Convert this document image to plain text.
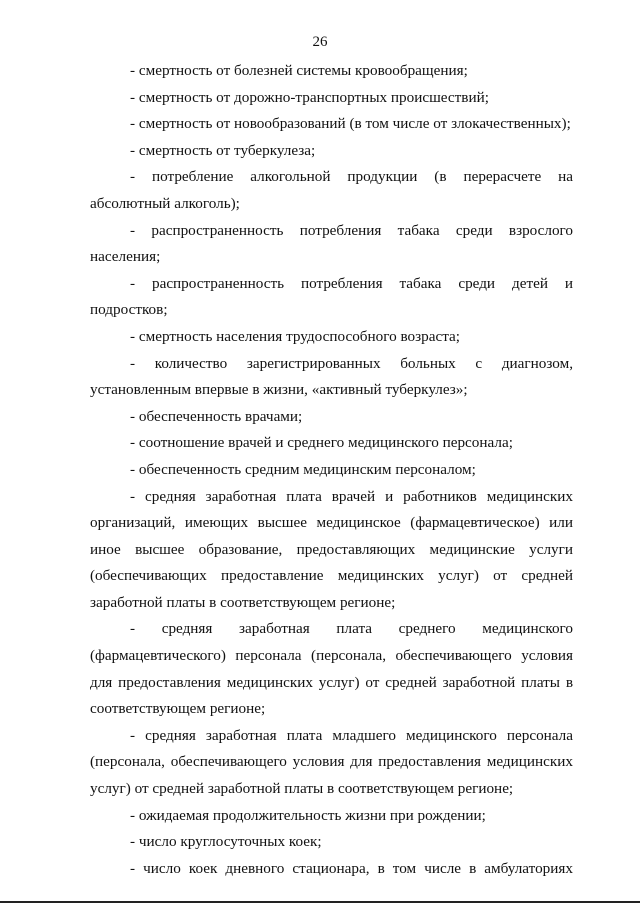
26

- смертность от болезней системы кровообращения;

- смертность от дорожно-транспортных происшествий;

- смертность от новообразований (в том числе от злокачественных);

- смертность от туберкулеза;

- потребление алкогольной продукции (в перерасчете на абсолютный алкоголь);

- распространенность потребления табака среди взрослого населения;

- распространенность потребления табака среди детей и подростков;

- смертность населения трудоспособного возраста;

- количество зарегистрированных больных с диагнозом, установленным впервые в жизни, «активный туберкулез»;

- обеспеченность врачами;

- соотношение врачей и среднего медицинского персонала;

- обеспеченность средним медицинским персоналом;

- средняя заработная плата врачей и работников медицинских организаций, имеющих высшее медицинское (фармацевтическое) или иное высшее образование, предоставляющих медицинские услуги (обеспечивающих предоставление медицинских услуг) от средней заработной платы в соответствующем регионе;

- средняя заработная плата среднего медицинского (фармацевтического) персонала (персонала, обеспечивающего условия для предоставления медицинских услуг) от средней заработной платы в соответствующем регионе;

- средняя заработная плата младшего медицинского персонала (персонала, обеспечивающего условия для предоставления медицинских услуг) от средней заработной платы в соответствующем регионе;

- ожидаемая продолжительность жизни при рождении;

- число круглосуточных коек;

- число коек дневного стационара, в том числе в амбулаториях
